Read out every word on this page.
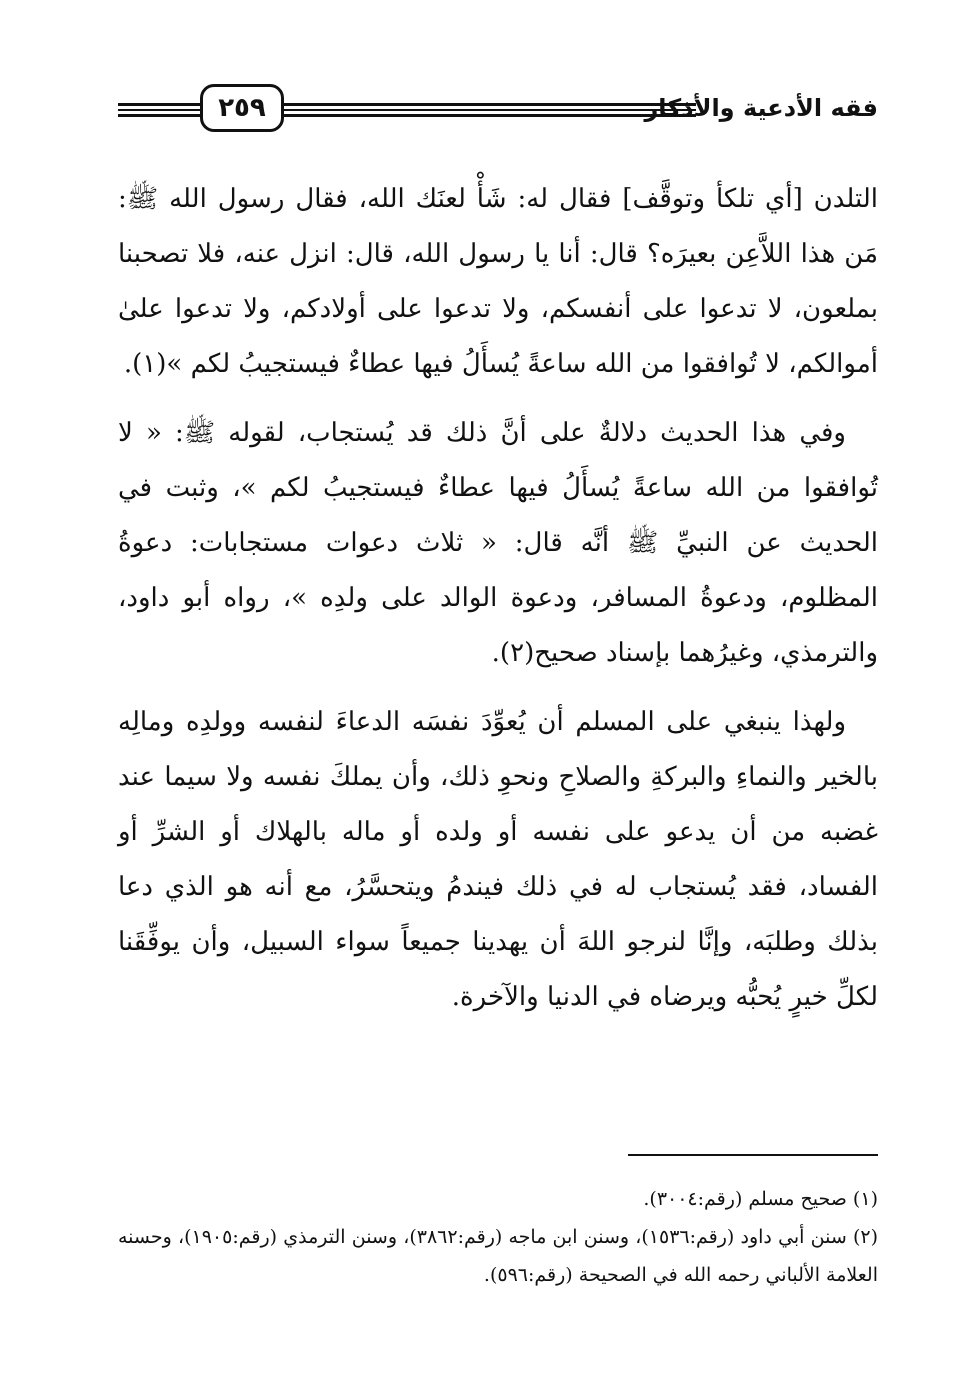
٢٥٩	فقه الأدعية والأذكار

التلدن [أي تلكأ وتوقَّف] فقال له: شَأْ لعنَك الله، فقال رسول الله ﷺ: مَن هذا اللاَّعِن بعيرَه؟ قال: أنا يا رسول الله، قال: انزل عنه، فلا تصحبنا بملعون، لا تدعوا على أنفسكم، ولا تدعوا على أولادكم، ولا تدعوا علىٰ أموالكم، لا تُوافقوا من الله ساعةً يُسأَلُ فيها عطاءٌ فيستجيبُ لكم »(١).

وفي هذا الحديث دلالةٌ على أنَّ ذلك قد يُستجاب، لقوله ﷺ: « لا تُوافقوا من الله ساعةً يُسأَلُ فيها عطاءٌ فيستجيبُ لكم »، وثبت في الحديث عن النبيِّ ﷺ أنَّه قال: « ثلاث دعوات مستجابات: دعوةُ المظلوم، ودعوةُ المسافر، ودعوة الوالد على ولدِه »، رواه أبو داود، والترمذي، وغيرُهما بإسناد صحيح(٢).

ولهذا ينبغي على المسلم أن يُعوِّدَ نفسَه الدعاءَ لنفسه وولدِه ومالِه بالخير والنماءِ والبركةِ والصلاحِ ونحوِ ذلك، وأن يملكَ نفسه ولا سيما عند غضبه من أن يدعو على نفسه أو ولده أو ماله بالهلاك أو الشرِّ أو الفساد، فقد يُستجاب له في ذلك فيندمُ ويتحسَّرُ، مع أنه هو الذي دعا بذلك وطلبَه، وإنَّا لنرجو اللهَ أن يهدينا جميعاً سواء السبيل، وأن يوفِّقَنا لكلِّ خيرٍ يُحبُّه ويرضاه في الدنيا والآخرة.

(١) صحيح مسلم (رقم:٣٠٠٤).

(٢) سنن أبي داود (رقم:١٥٣٦)، وسنن ابن ماجه (رقم:٣٨٦٢)، وسنن الترمذي (رقم:١٩٠٥)، وحسنه العلامة الألباني رحمه الله في الصحيحة (رقم:٥٩٦).
